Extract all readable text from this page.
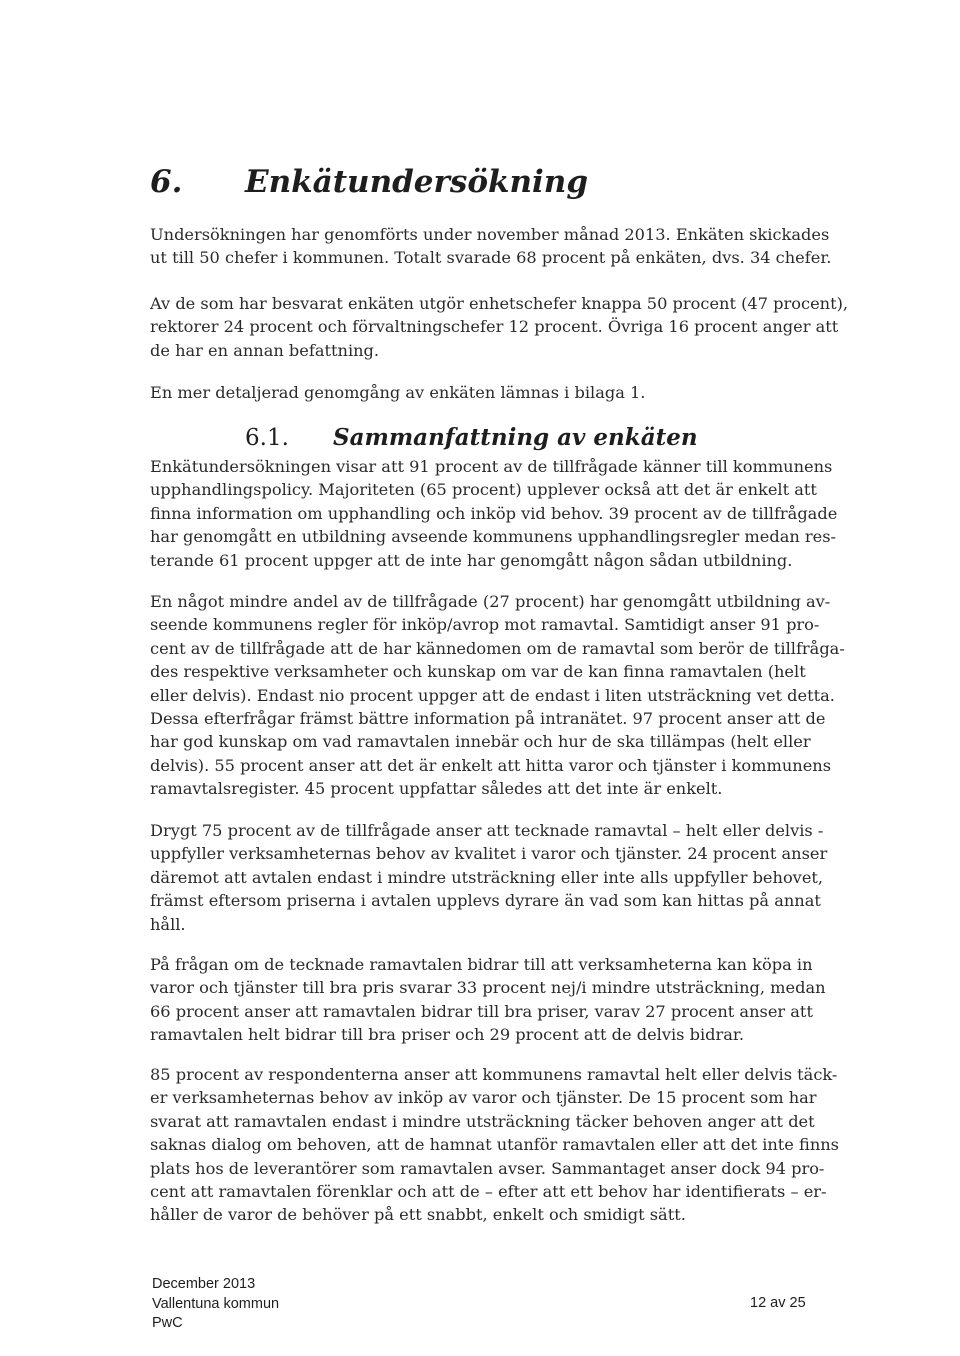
6. Enkätundersökning
Undersökningen har genomförts under november månad 2013. Enkäten skickades
ut till 50 chefer i kommunen. Totalt svarade 68 procent på enkäten, dvs. 34 chefer.
Av de som har besvarat enkäten utgör enhetschefer knappa 50 procent (47 procent),
rektorer 24 procent och förvaltningschefer 12 procent. Övriga 16 procent anger att
de har en annan befattning.
En mer detaljerad genomgång av enkäten lämnas i bilaga 1.
6.1. Sammanfattning av enkäten
Enkätundersökningen visar att 91 procent av de tillfrågade känner till kommunens
upphandlingspolicy. Majoriteten (65 procent) upplever också att det är enkelt att
finna information om upphandling och inköp vid behov. 39 procent av de tillfrågade
har genomgått en utbildning avseende kommunens upphandlingsregler medan res-
terande 61 procent uppger att de inte har genomgått någon sådan utbildning.
En något mindre andel av de tillfrågade (27 procent) har genomgått utbildning av-
seende kommunens regler för inköp/avrop mot ramavtal. Samtidigt anser 91 pro-
cent av de tillfrågade att de har kännedomen om de ramavtal som berör de tillfråga-
des respektive verksamheter och kunskap om var de kan finna ramavtalen (helt
eller delvis). Endast nio procent uppger att de endast i liten utsträckning vet detta.
Dessa efterfrågar främst bättre information på intranätet. 97 procent anser att de
har god kunskap om vad ramavtalen innebär och hur de ska tillämpas (helt eller
delvis). 55 procent anser att det är enkelt att hitta varor och tjänster i kommunens
ramavtalsregister. 45 procent uppfattar således att det inte är enkelt.
Drygt 75 procent av de tillfrågade anser att tecknade ramavtal – helt eller delvis -
uppfyller verksamheternas behov av kvalitet i varor och tjänster. 24 procent anser
däremot att avtalen endast i mindre utsträckning eller inte alls uppfyller behovet,
främst eftersom priserna i avtalen upplevs dyrare än vad som kan hittas på annat
håll.
På frågan om de tecknade ramavtalen bidrar till att verksamheterna kan köpa in
varor och tjänster till bra pris svarar 33 procent nej/i mindre utsträckning, medan
66 procent anser att ramavtalen bidrar till bra priser, varav 27 procent anser att
ramavtalen helt bidrar till bra priser och 29 procent att de delvis bidrar.
85 procent av respondenterna anser att kommunens ramavtal helt eller delvis täck-
er verksamheternas behov av inköp av varor och tjänster. De 15 procent som har
svarat att ramavtalen endast i mindre utsträckning täcker behoven anger att det
saknas dialog om behoven, att de hamnat utanför ramavtalen eller att det inte finns
plats hos de leverantörer som ramavtalen avser. Sammantaget anser dock 94 pro-
cent att ramavtalen förenklar och att de – efter att ett behov har identifierats – er-
håller de varor de behöver på ett snabbt, enkelt och smidigt sätt.
December 2013
Vallentuna kommun
PwC
12 av 25
